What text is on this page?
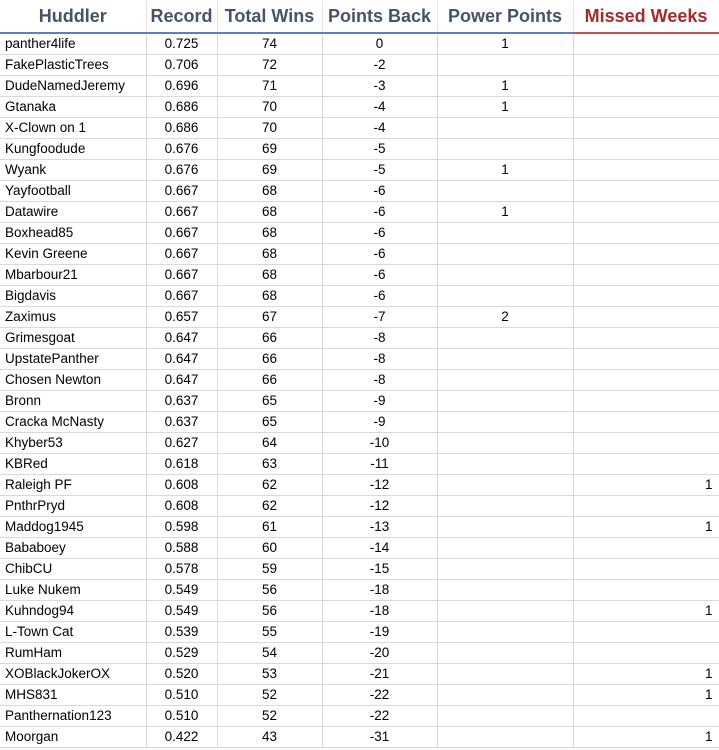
Huddler	Record	Total Wins	Points Back	Power Points	Missed Weeks
panther4life	0.725	74	0	1	
FakePlasticTrees	0.706	72	-2		
DudeNamedJeremy	0.696	71	-3	1	
Gtanaka	0.686	70	-4	1	
X-Clown on 1	0.686	70	-4		
Kungfoodude	0.676	69	-5		
Wyank	0.676	69	-5	1	
Yayfootball	0.667	68	-6		
Datawire	0.667	68	-6	1	
Boxhead85	0.667	68	-6		
Kevin Greene	0.667	68	-6		
Mbarbour21	0.667	68	-6		
Bigdavis	0.667	68	-6		
Zaximus	0.657	67	-7	2	
Grimesgoat	0.647	66	-8		
UpstatePanther	0.647	66	-8		
Chosen Newton	0.647	66	-8		
Bronn	0.637	65	-9		
Cracka McNasty	0.637	65	-9		
Khyber53	0.627	64	-10		
KBRed	0.618	63	-11		
Raleigh PF	0.608	62	-12		1
PnthrPryd	0.608	62	-12		
Maddog1945	0.598	61	-13		1
Bababoey	0.588	60	-14		
ChibCU	0.578	59	-15		
Luke Nukem	0.549	56	-18		
Kuhndog94	0.549	56	-18		1
L-Town Cat	0.539	55	-19		
RumHam	0.529	54	-20		
XOBlackJokerOX	0.520	53	-21		1
MHS831	0.510	52	-22		1
Panthernation123	0.510	52	-22		
Moorgan	0.422	43	-31		1
